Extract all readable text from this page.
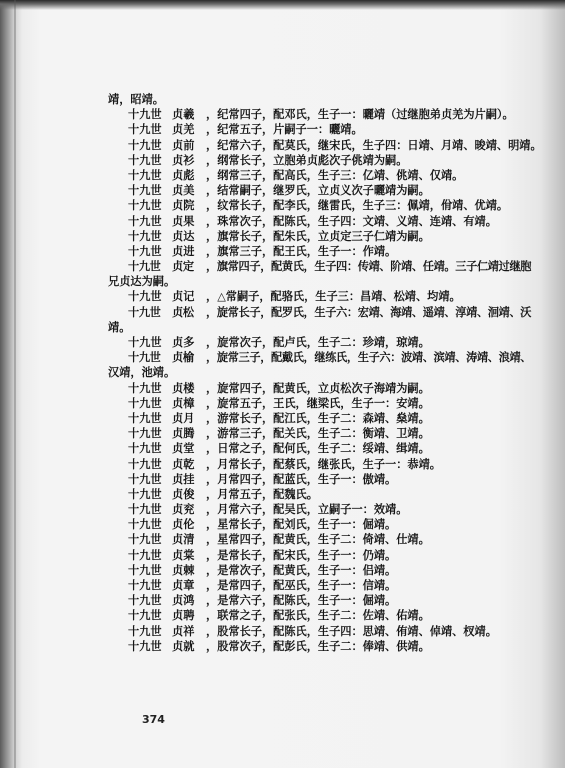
靖，昭靖。
十九世 贞羲 ，纪常四子，配邓氏，生子一：曬靖（过继胞弟贞羌为片嗣）。
十九世 贞羌 ，纪常五子，片嗣子一：曬靖。
十九世 贞前 ，纪常六子，配莫氏，继宋氏，生子四：日靖、月靖、晙靖、明靖。
十九世 贞衫 ，纲常长子，立胞弟贞彪次子佻靖为嗣。
十九世 贞彪 ，纲常三子，配高氏，生子三：亿靖、佻靖、仅靖。
十九世 贞美 ，结常嗣子，继罗氏，立贞义次子曬靖为嗣。
十九世 贞院 ，纹常长子，配李氏，继雷氏，生子三：佩靖，佾靖、优靖。
十九世 贞果 ，珠常次子，配陈氏，生子四：文靖、义靖、连靖、有靖。
十九世 贞达 ，旗常长子，配朱氏，立贞定三子仁靖为嗣。
十九世 贞进 ，旗常三子，配王氏，生子一：作靖。
十九世 贞定 ，旗常四子，配黄氏，生子四：传靖、阶靖、任靖。三子仁靖过继胞
兄贞达为嗣。
十九世 贞记 ，△常嗣子，配骆氏，生子三：昌靖、松靖、均靖。
十九世 贞松 ，旋常长子，配罗氏，生子六：宏靖、海靖、遥靖、淳靖、洄靖、沃
靖。
十九世 贞多 ，旋常次子，配卢氏，生子二：珍靖，琼靖。
十九世 贞榆 ，旋常三子，配戴氏，继练氏，生子六：波靖、滨靖、涛靖、浪靖、
汉靖，池靖。
十九世 贞楼 ，旋常四子，配黄氏，立贞松次子海靖为嗣。
十九世 贞樟 ，旋常五子，王氏，继梁氏，生子一：安靖。
十九世 贞月 ，游常长子，配江氏，生子二：森靖、燊靖。
十九世 贞腾 ，游常三子，配关氏，生子二：衡靖、卫靖。
十九世 贞堂 ，日常之子，配何氏，生子二：绥靖、缉靖。
十九世 贞乾 ，月常长子，配蔡氏，继张氏，生子一：恭靖。
十九世 贞挂 ，月常四子，配蓝氏，生子一：傲靖。
十九世 贞俊 ，月常五子，配魏氏。
十九世 贞兖 ，月常六子，配吴氏，立嗣子一：效靖。
十九世 贞伦 ，星常长子，配刘氏，生子一：倔靖。
十九世 贞清 ，星常四子，配黄氏，生子二：倚靖、仕靖。
十九世 贞棠 ，是常长子，配宋氏，生子一：仍靖。
十九世 贞棘 ，是常次子，配黄氏，生子一：侣靖。
十九世 贞章 ，是常四子，配巫氏，生子一：信靖。
十九世 贞鸿 ，是常六子，配陈氏，生子一：倔靖。
十九世 贞聘 ，联常之子，配张氏，生子二：佐靖、佑靖。
十九世 贞祥 ，股常长子，配陈氏，生子四：思靖、侑靖、倬靖、杈靖。
十九世 贞就 ，股常次子，配彭氏，生子二：俸靖、供靖。
374
